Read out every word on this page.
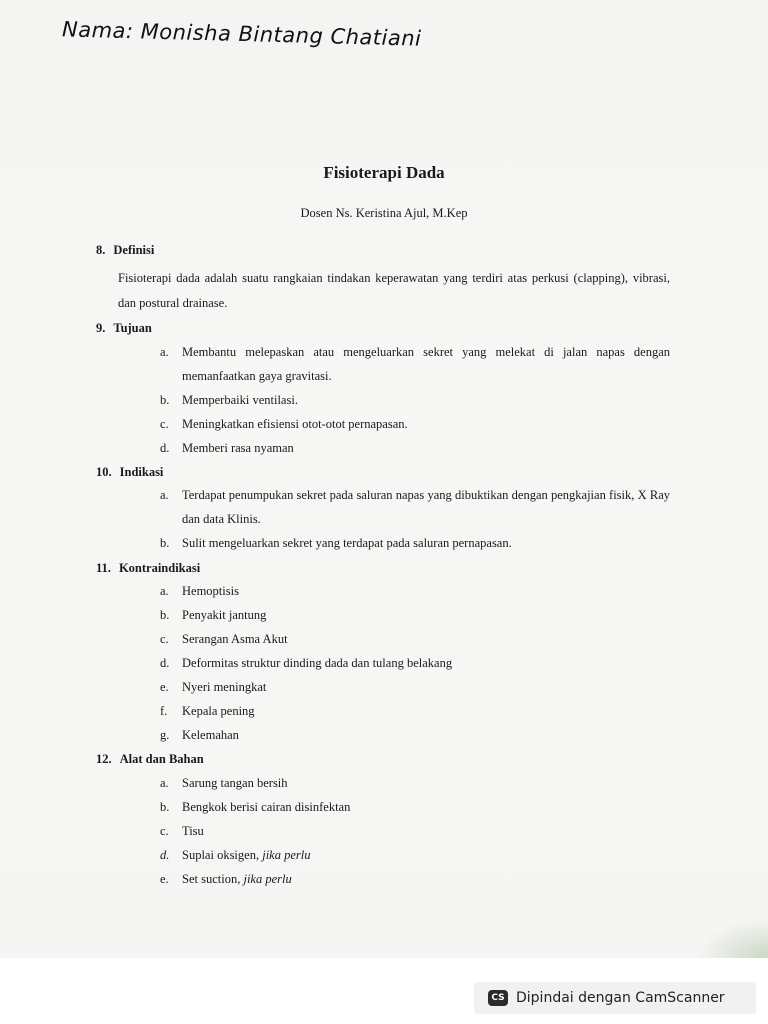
Nama: Monisha Bintang Chatiani
Fisioterapi Dada

Dosen Ns. Keristina Ajul, M.Kep

8. Definisi

Fisioterapi dada adalah suatu rangkaian tindakan keperawatan yang terdiri atas perkusi (clapping), vibrasi, dan postural drainase.

9. Tujuan
a.	Membantu melepaskan atau mengeluarkan sekret yang melekat di jalan napas dengan memanfaatkan gaya gravitasi.
b.	Memperbaiki ventilasi.
c.	Meningkatkan efisiensi otot-otot pernapasan.
d.	Memberi rasa nyaman
10. Indikasi
a.	Terdapat penumpukan sekret pada saluran napas yang dibuktikan dengan pengkajian fisik, X Ray dan data Klinis.
b.	Sulit mengeluarkan sekret yang terdapat pada saluran pernapasan.
11. Kontraindikasi
a.	Hemoptisis
b.	Penyakit jantung
c.	Serangan Asma Akut
d.	Deformitas struktur dinding dada dan tulang belakang
e.	Nyeri meningkat
f.	Kepala pening
g.	Kelemahan
12. Alat dan Bahan
a.	Sarung tangan bersih
b.	Bengkok berisi cairan disinfektan
c.	Tisu
d.	Suplai oksigen, jika perlu
e.	Set suction, jika perlu
CS Dipindai dengan CamScanner
